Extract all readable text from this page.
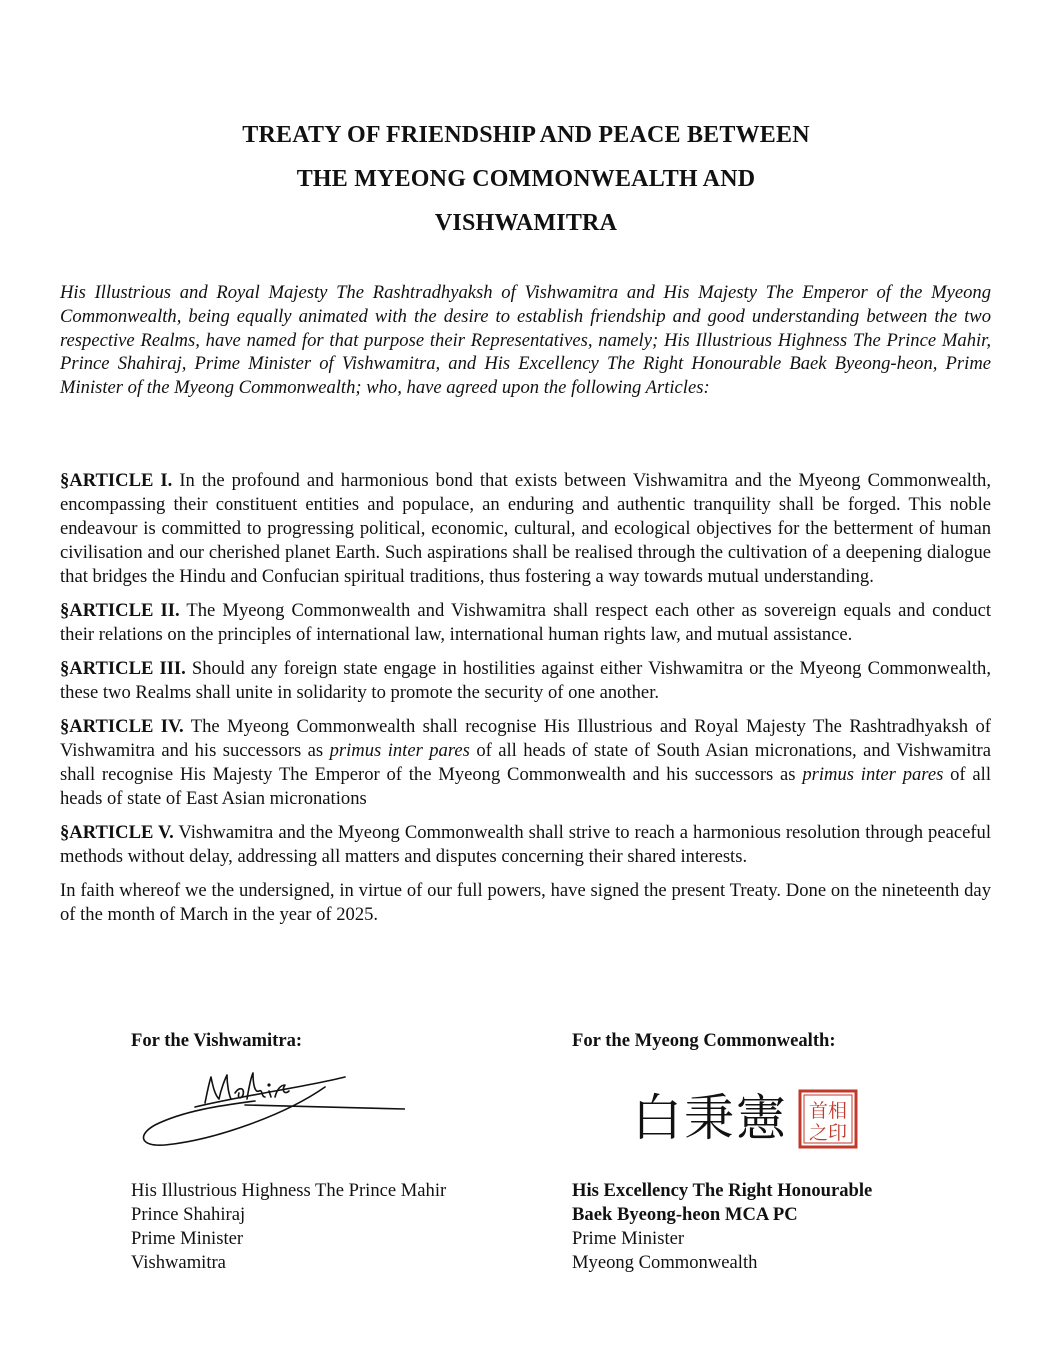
TREATY OF FRIENDSHIP AND PEACE BETWEEN
THE MYEONG COMMONWEALTH AND
VISHWAMITRA

His Illustrious and Royal Majesty The Rashtradhyaksh of Vishwamitra and His Majesty The Emperor of the Myeong Commonwealth, being equally animated with the desire to establish friendship and good understanding between the two respective Realms, have named for that purpose their Representatives, namely; His Illustrious Highness The Prince Mahir, Prince Shahiraj, Prime Minister of Vishwamitra, and His Excellency The Right Honourable Baek Byeong-heon, Prime Minister of the Myeong Commonwealth; who, have agreed upon the following Articles:

§ARTICLE I. In the profound and harmonious bond that exists between Vishwamitra and the Myeong Commonwealth, encompassing their constituent entities and populace, an enduring and authentic tranquility shall be forged. This noble endeavour is committed to progressing political, economic, cultural, and ecological objectives for the betterment of human civilisation and our cherished planet Earth. Such aspirations shall be realised through the cultivation of a deepening dialogue that bridges the Hindu and Confucian spiritual traditions, thus fostering a way towards mutual understanding.

§ARTICLE II. The Myeong Commonwealth and Vishwamitra shall respect each other as sovereign equals and conduct their relations on the principles of international law, international human rights law, and mutual assistance.

§ARTICLE III. Should any foreign state engage in hostilities against either Vishwamitra or the Myeong Commonwealth, these two Realms shall unite in solidarity to promote the security of one another.

§ARTICLE IV. The Myeong Commonwealth shall recognise His Illustrious and Royal Majesty The Rashtradhyaksh of Vishwamitra and his successors as primus inter pares of all heads of state of South Asian micronations, and Vishwamitra shall recognise His Majesty The Emperor of the Myeong Commonwealth and his successors as primus inter pares of all heads of state of East Asian micronations

§ARTICLE V. Vishwamitra and the Myeong Commonwealth shall strive to reach a harmonious resolution through peaceful methods without delay, addressing all matters and disputes concerning their shared interests.

In faith whereof we the undersigned, in virtue of our full powers, have signed the present Treaty. Done on the nineteenth day of the month of March in the year of 2025.

For the Vishwamitra:
His Illustrious Highness The Prince Mahir
Prince Shahiraj
Prime Minister
Vishwamitra
For the Myeong Commonwealth:
白秉憲 首相
之印
His Excellency The Right Honourable
Baek Byeong-heon MCA PC
Prime Minister
Myeong Commonwealth
